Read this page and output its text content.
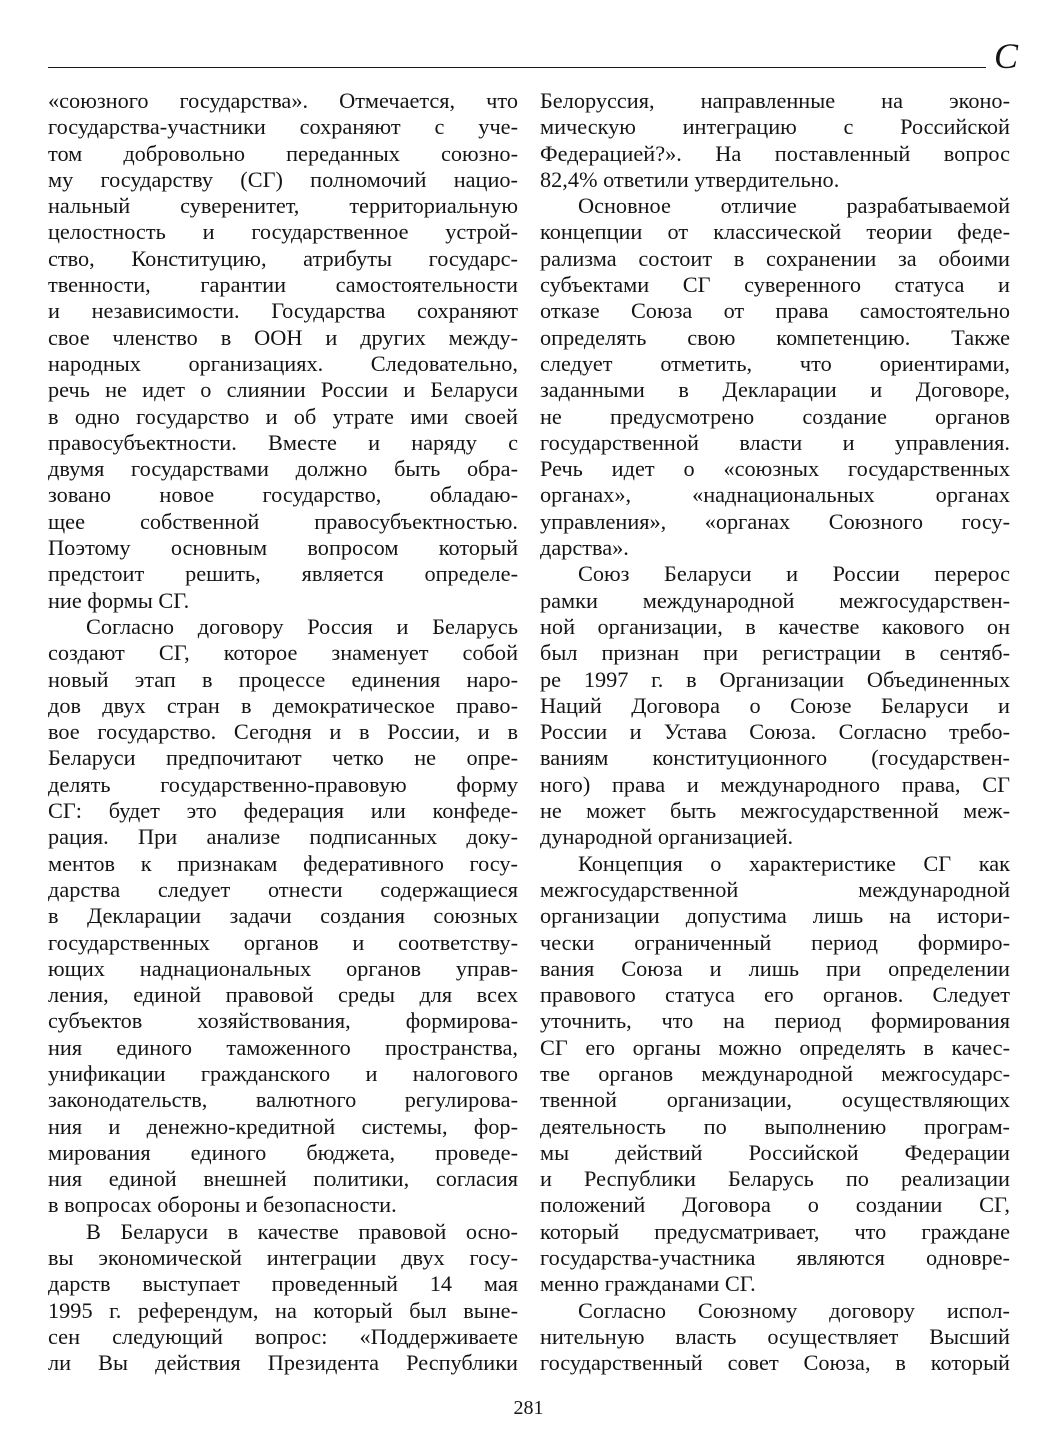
С
«союзного государства». Отмечается, что
государства-участники сохраняют с уче-
том добровольно переданных союзно-
му государству (СГ) полномочий нацио-
нальный суверенитет, территориальную
целостность и государственное устрой-
ство, Конституцию, атрибуты государс-
твенности, гарантии самостоятельности
и независимости. Государства сохраняют
свое членство в ООН и других между-
народных организациях. Следовательно,
речь не идет о слиянии России и Беларуси
в одно государство и об утрате ими своей
правосубъектности. Вместе и наряду с
двумя государствами должно быть обра-
зовано новое государство, обладаю-
щее собственной правосубъектностью.
Поэтому основным вопросом который
предстоит решить, является определе-
ние формы СГ.
Согласно договору Россия и Беларусь
создают СГ, которое знаменует собой
новый этап в процессе единения наро-
дов двух стран в демократическое право-
вое государство. Сегодня и в России, и в
Беларуси предпочитают четко не опре-
делять государственно-правовую форму
СГ: будет это федерация или конфеде-
рация. При анализе подписанных доку-
ментов к признакам федеративного госу-
дарства следует отнести содержащиеся
в Декларации задачи создания союзных
государственных органов и соответству-
ющих наднациональных органов управ-
ления, единой правовой среды для всех
субъектов хозяйствования, формирова-
ния единого таможенного пространства,
унификации гражданского и налогового
законодательств, валютного регулирова-
ния и денежно-кредитной системы, фор-
мирования единого бюджета, проведе-
ния единой внешней политики, согласия
в вопросах обороны и безопасности.
В Беларуси в качестве правовой осно-
вы экономической интеграции двух госу-
дарств выступает проведенный 14 мая
1995 г. референдум, на который был выне-
сен следующий вопрос: «Поддерживаете
ли Вы действия Президента Республики
Белоруссия, направленные на эконо-
мическую интеграцию с Российской
Федерацией?». На поставленный вопрос
82,4% ответили утвердительно.
Основное отличие разрабатываемой
концепции от классической теории феде-
рализма состоит в сохранении за обоими
субъектами СГ суверенного статуса и
отказе Союза от права самостоятельно
определять свою компетенцию. Также
следует отметить, что ориентирами,
заданными в Декларации и Договоре,
не предусмотрено создание органов
государственной власти и управления.
Речь идет о «союзных государственных
органах», «наднациональных органах
управления», «органах Союзного госу-
дарства».
Союз Беларуси и России перерос
рамки международной межгосударствен-
ной организации, в качестве какового он
был признан при регистрации в сентяб-
ре 1997 г. в Организации Объединенных
Наций Договора о Союзе Беларуси и
России и Устава Союза. Согласно требо-
ваниям конституционного (государствен-
ного) права и международного права, СГ
не может быть межгосударственной меж-
дународной организацией.
Концепция о характеристике СГ как
межгосударственной международной
организации допустима лишь на истори-
чески ограниченный период формиро-
вания Союза и лишь при определении
правового статуса его органов. Следует
уточнить, что на период формирования
СГ его органы можно определять в качес-
тве органов международной межгосударс-
твенной организации, осуществляющих
деятельность по выполнению програм-
мы действий Российской Федерации
и Республики Беларусь по реализации
положений Договора о создании СГ,
который предусматривает, что граждане
государства-участника являются одновре-
менно гражданами СГ.
Согласно Союзному договору испол-
нительную власть осуществляет Высший
государственный совет Союза, в который
281
